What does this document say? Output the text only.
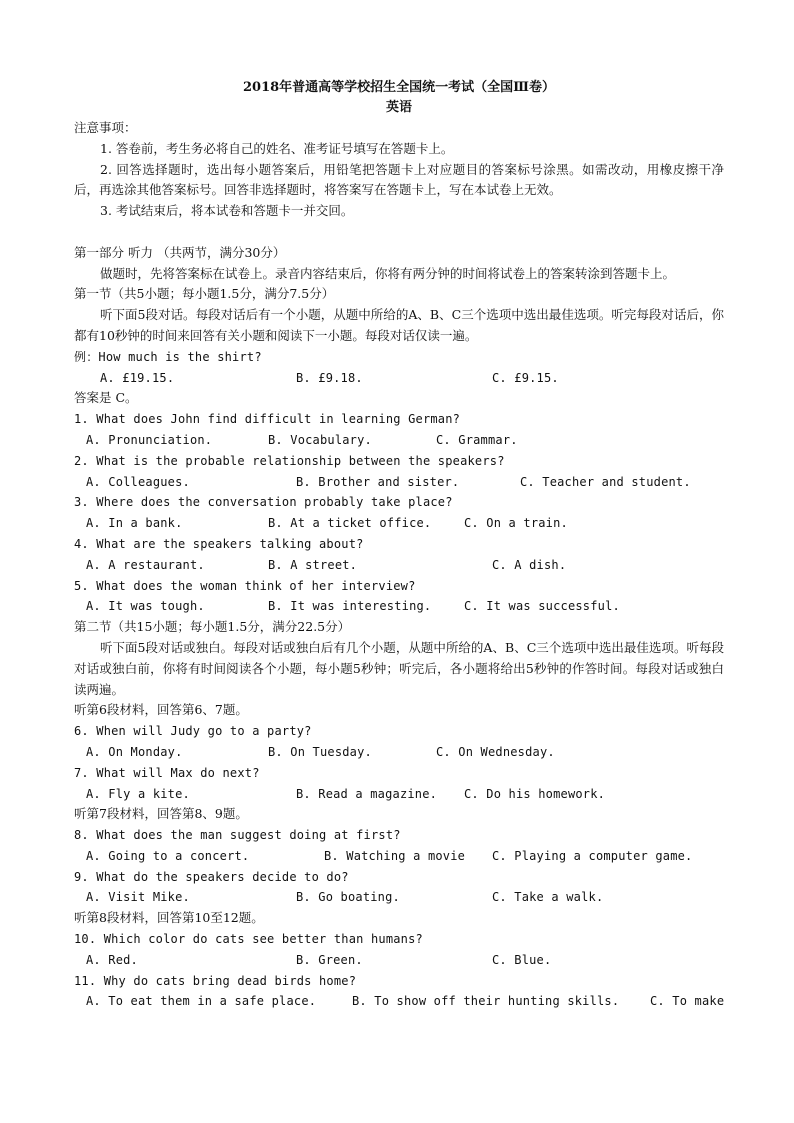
2018年普通高等学校招生全国统一考试（全国Ⅲ卷）
英语
注意事项：
1. 答卷前，考生务必将自己的姓名、准考证号填写在答题卡上。
2. 回答选择题时，选出每小题答案后，用铅笔把答题卡上对应题目的答案标号涂黑。如需改动，用橡皮擦干净后，再选涂其他答案标号。回答非选择题时，将答案写在答题卡上，写在本试卷上无效。
3. 考试结束后，将本试卷和答题卡一并交回。
第一部分 听力 （共两节，满分30分）
做题时，先将答案标在试卷上。录音内容结束后，你将有两分钟的时间将试卷上的答案转涂到答题卡上。
第一节（共5小题；每小题1.5分，满分7.5分）
听下面5段对话。每段对话后有一个小题，从题中所给的A、B、C三个选项中选出最佳选项。听完每段对话后，你都有10秒钟的时间来回答有关小题和阅读下一小题。每段对话仅读一遍。
例：How much is the shirt?
A. £19.15.	B. £9.18.	C. £9.15.
答案是 C。
1. What does John find difficult in learning German?
A. Pronunciation.	B. Vocabulary.	C. Grammar.
2. What is the probable relationship between the speakers?
A. Colleagues.	B. Brother and sister.	C. Teacher and student.
3. Where does the conversation probably take place?
A. In a bank.	B. At a ticket office.	C. On a train.
4. What are the speakers talking about?
A. A restaurant.	B. A street.	C. A dish.
5. What does the woman think of her interview?
A. It was tough.	B. It was interesting.	C. It was successful.
第二节（共15小题；每小题1.5分，满分22.5分）
听下面5段对话或独白。每段对话或独白后有几个小题，从题中所给的A、B、C三个选项中选出最佳选项。听每段对话或独白前，你将有时间阅读各个小题，每小题5秒钟；听完后，各小题将给出5秒钟的作答时间。每段对话或独白读两遍。
听第6段材料，回答第6、7题。
6. When will Judy go to a party?
A. On Monday.	B. On Tuesday.	C. On Wednesday.
7. What will Max do next?
A. Fly a kite.	B. Read a magazine. C. Do his homework.
听第7段材料，回答第8、9题。
8. What does the man suggest doing at first?
A. Going to a concert.	B. Watching a movie C. Playing a computer game.
9. What do the speakers decide to do?
A. Visit Mike.	B. Go boating.	C. Take a walk.
听第8段材料，回答第10至12题。
10. Which color do cats see better than humans?
A. Red.	B. Green.	C. Blue.
11. Why do cats bring dead birds home?
A. To eat them in a safe place.	B. To show off their hunting skills.	C. To make
